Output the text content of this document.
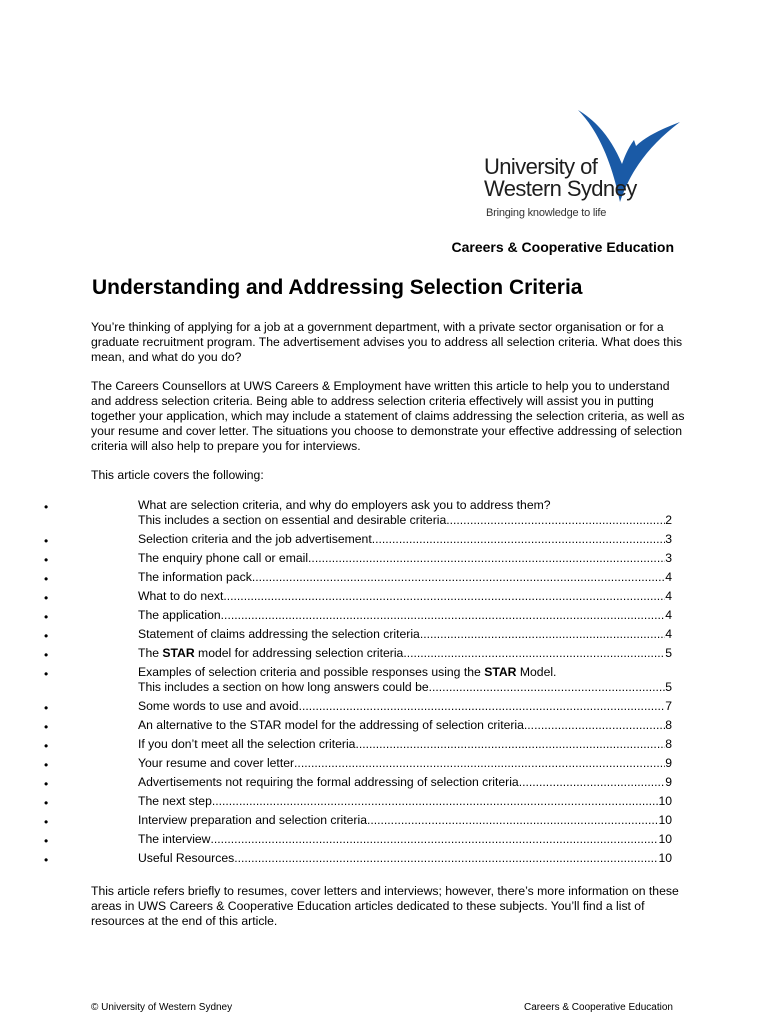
University of
Western Sydney
Bringing knowledge to life
Careers & Cooperative Education
Understanding and Addressing Selection Criteria

You’re thinking of applying for a job at a government department, with a private sector organisation or for a graduate recruitment program. The advertisement advises you to address all selection criteria. What does this mean, and what do you do?

The Careers Counsellors at UWS Careers & Employment have written this article to help you to understand and address selection criteria. Being able to address selection criteria effectively will assist you in putting together your application, which may include a statement of claims addressing the selection criteria, as well as your resume and cover letter. The situations you choose to demonstrate your effective addressing of selection criteria will also help to prepare you for interviews.

This article covers the following:

•	What are selection criteria, and why do employers ask you to address them?
This includes a section on essential and desirable criteria .....	2
•	Selection criteria and the job advertisement .....	3
•	The enquiry phone call or email .....	3
•	The information pack .....	4
•	What to do next .....	4
•	The application .....	4
•	Statement of claims addressing the selection criteria .....	4
•	The STAR model for addressing selection criteria .....	5
•	Examples of selection criteria and possible responses using the STAR Model.
This includes a section on how long answers could be .....	5
•	Some words to use and avoid .....	7
•	An alternative to the STAR model for the addressing of selection criteria .....	8
•	If you don’t meet all the selection criteria .....	8
•	Your resume and cover letter .....	9
•	Advertisements not requiring the formal addressing of selection criteria .....	9
•	The next step .....	10
•	Interview preparation and selection criteria .....	10
•	The interview .....	10
•	Useful Resources .....	10

This article refers briefly to resumes, cover letters and interviews; however, there’s more information on these areas in UWS Careers & Cooperative Education articles dedicated to these subjects. You’ll find a list of resources at the end of this article.

© University of Western Sydney	Careers & Cooperative Education
